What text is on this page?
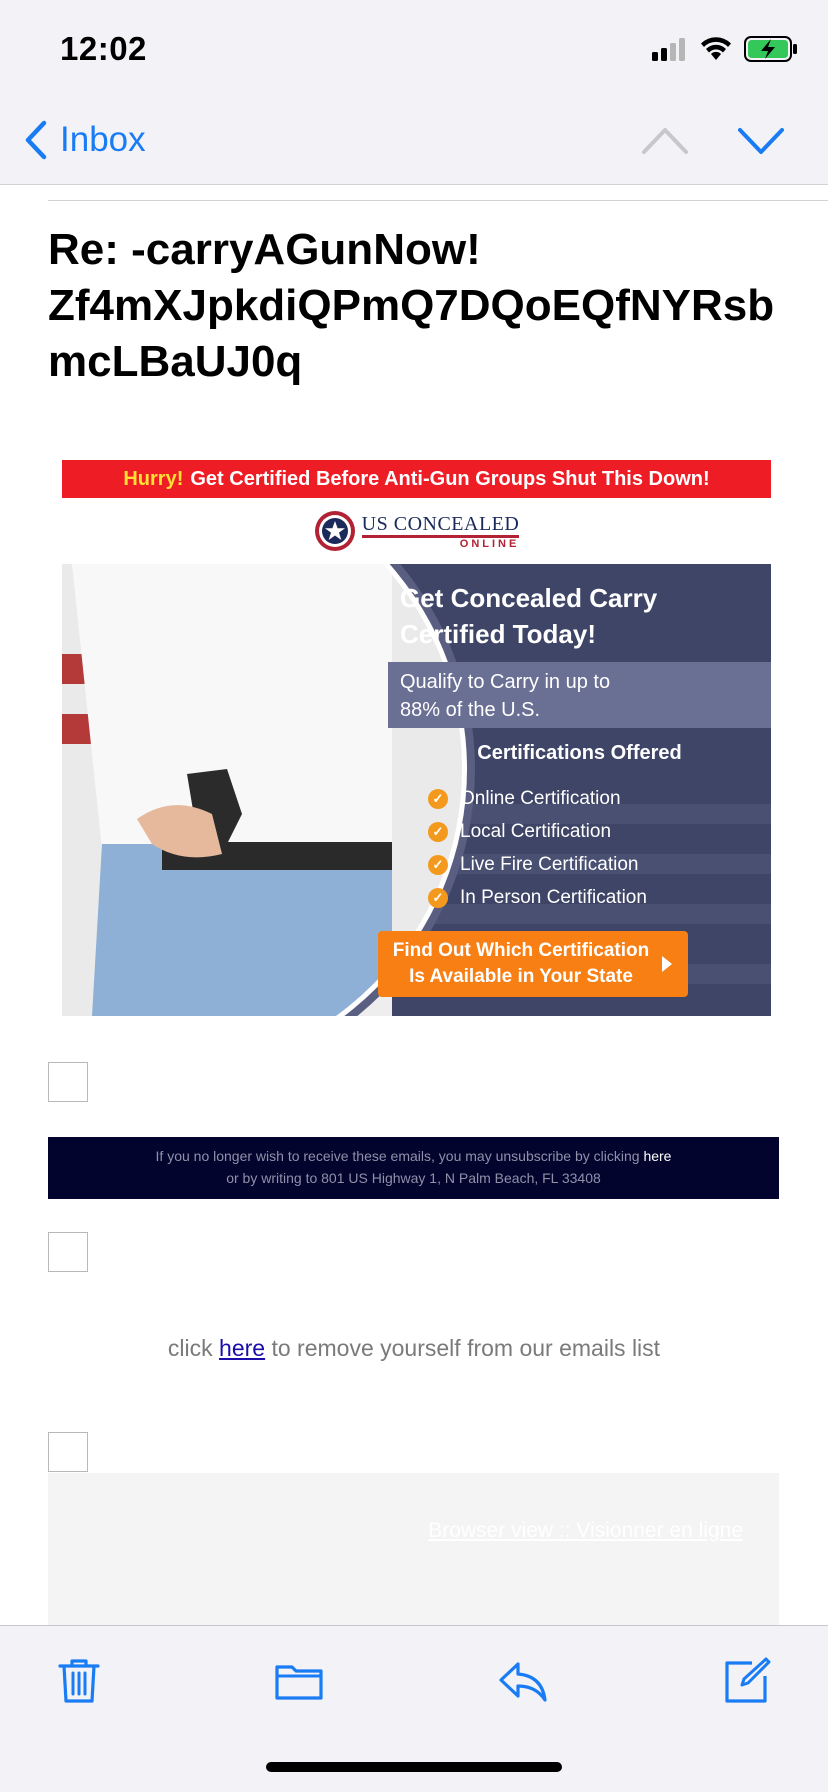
12:02
Inbox
Re: -carryAGunNow! Zf4mXJpkdiQPmQ7DQoEQfNYRsbmcLBaUJ0q
Hurry! Get Certified Before Anti-Gun Groups Shut This Down!
US CONCEALED
ONLINE
Get Concealed Carry
Certified Today!
Qualify to Carry in up to
88% of the U.S.
Certifications Offered
✓ Online Certification
✓ Local Certification
✓ Live Fire Certification
✓ In Person Certification
Find Out Which Certification
Is Available in Your State
If you no longer wish to receive these emails, you may unsubscribe by clicking here
or by writing to 801 US Highway 1, N Palm Beach, FL 33408
click here to remove yourself from our emails list
Browser view :: Visionner en ligne
